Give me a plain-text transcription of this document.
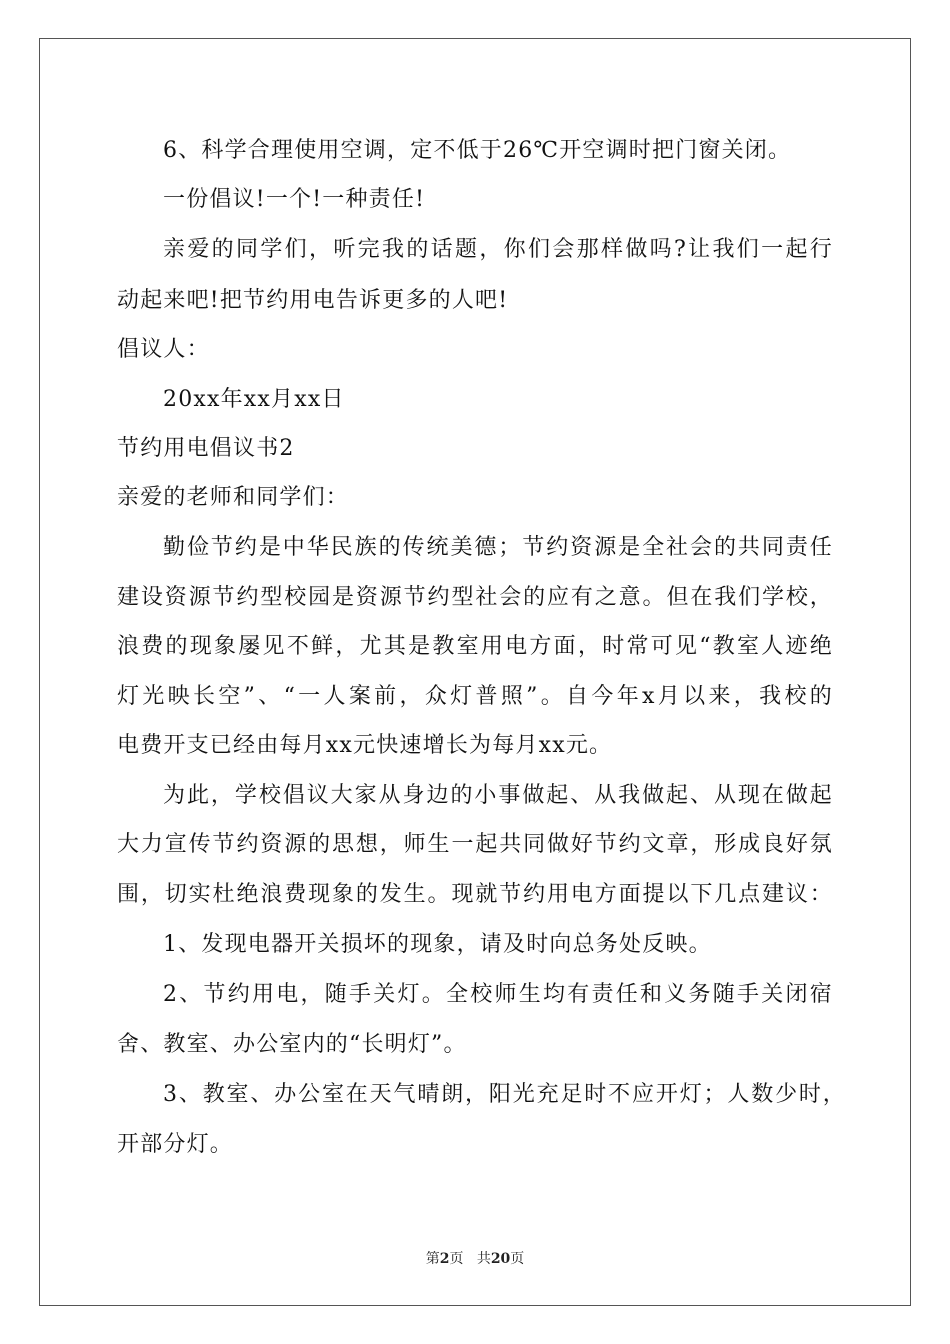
6、科学合理使用空调，定不低于26℃开空调时把门窗关闭。
一份倡议!一个!一种责任!
亲爱的同学们，听完我的话题，你们会那样做吗?让我们一起行
动起来吧!把节约用电告诉更多的人吧!
倡议人：
20xx年xx月xx日
节约用电倡议书2
亲爱的老师和同学们：
勤俭节约是中华民族的传统美德；节约资源是全社会的共同责任
建设资源节约型校园是资源节约型社会的应有之意。但在我们学校，
浪费的现象屡见不鲜，尤其是教室用电方面，时常可见“教室人迹绝
灯光映长空”、“一人案前，众灯普照”。自今年x月以来，我校的
电费开支已经由每月xx元快速增长为每月xx元。
为此，学校倡议大家从身边的小事做起、从我做起、从现在做起
大力宣传节约资源的思想，师生一起共同做好节约文章，形成良好氛
围，切实杜绝浪费现象的发生。现就节约用电方面提以下几点建议：
1、发现电器开关损坏的现象，请及时向总务处反映。
2、节约用电，随手关灯。全校师生均有责任和义务随手关闭宿
舍、教室、办公室内的“长明灯”。
3、教室、办公室在天气晴朗，阳光充足时不应开灯；人数少时，
开部分灯。
第2页 共20页
